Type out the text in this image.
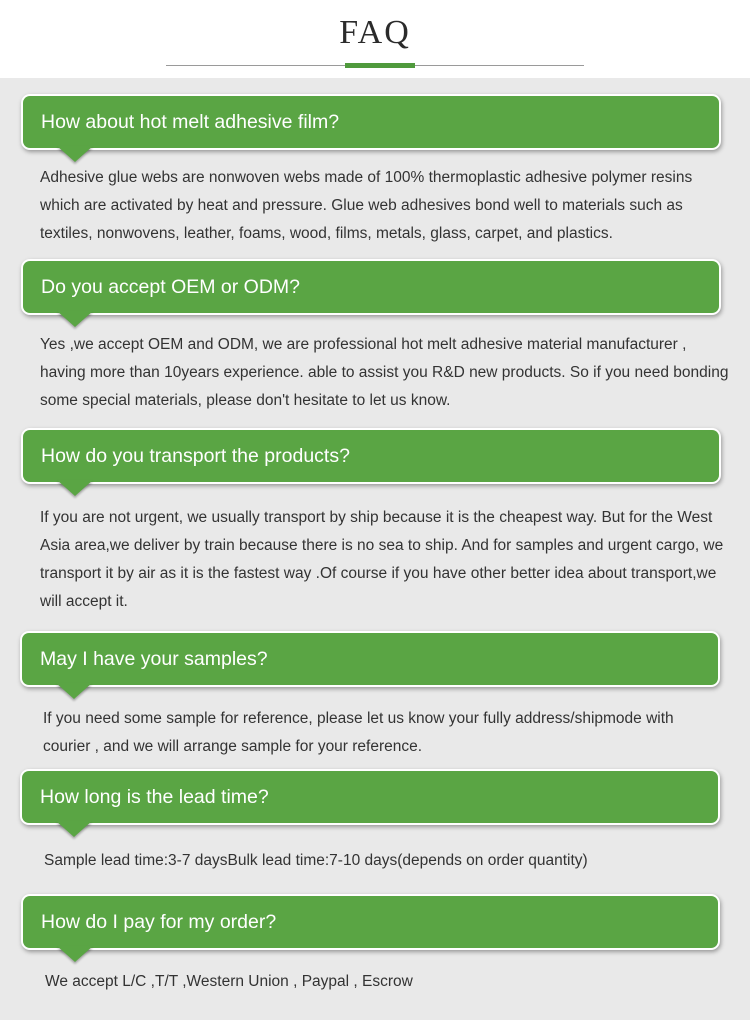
FAQ
How about hot melt adhesive film?

Adhesive glue webs are nonwoven webs made of 100% thermoplastic adhesive polymer resins which are activated by heat and pressure. Glue web adhesives bond well to materials such as textiles, nonwovens, leather, foams, wood, films, metals, glass, carpet, and plastics.

Do you accept OEM or ODM?

Yes ,we accept OEM and ODM, we are professional hot melt adhesive material manufacturer , having more than 10years experience. able to assist you R&D new products. So if you need bonding some special materials, please don't hesitate to let us know.

How do you transport the products?

If you are not urgent, we usually transport by ship because it is the cheapest way. But for the West Asia area,we deliver by train because there is no sea to ship. And for samples and urgent cargo, we transport it by air as it is the fastest way .Of course if you have other better idea about transport,we will accept it.

May I have your samples?

If you need some sample for reference, please let us know your fully address/shipmode with courier , and we will arrange sample for your reference.

How long is the lead time?

Sample lead time:3-7 daysBulk lead time:7-10 days(depends on order quantity)

How do I pay for my order?

We accept L/C ,T/T ,Western Union , Paypal , Escrow
